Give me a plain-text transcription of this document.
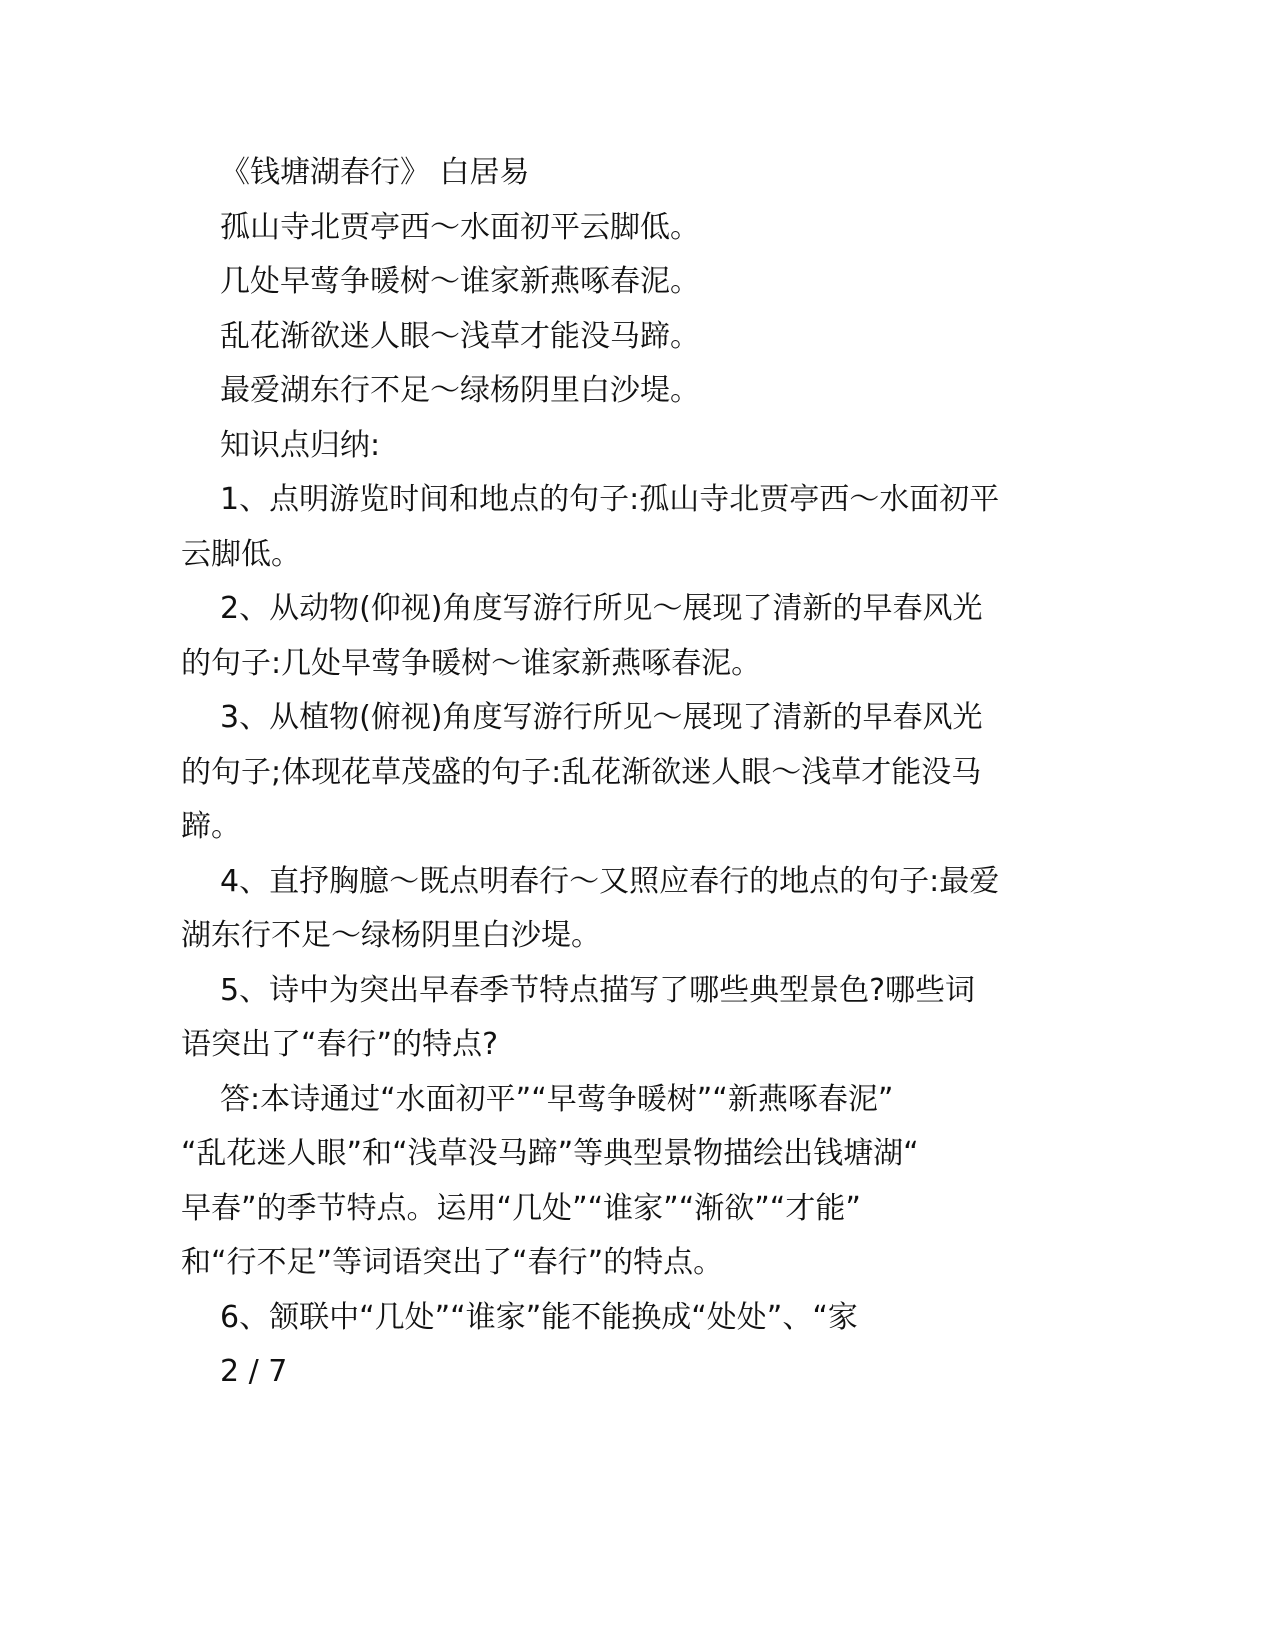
《钱塘湖春行》 白居易
孤山寺北贾亭西～水面初平云脚低。
几处早莺争暖树～谁家新燕啄春泥。
乱花渐欲迷人眼～浅草才能没马蹄。
最爱湖东行不足～绿杨阴里白沙堤。
知识点归纳:
1、点明游览时间和地点的句子:孤山寺北贾亭西～水面初平
云脚低。
2、从动物(仰视)角度写游行所见～展现了清新的早春风光
的句子:几处早莺争暖树～谁家新燕啄春泥。
3、从植物(俯视)角度写游行所见～展现了清新的早春风光
的句子;体现花草茂盛的句子:乱花渐欲迷人眼～浅草才能没马
蹄。
4、直抒胸臆～既点明春行～又照应春行的地点的句子:最爱
湖东行不足～绿杨阴里白沙堤。
5、诗中为突出早春季节特点描写了哪些典型景色?哪些词
语突出了“春行”的特点?
答:本诗通过“水面初平”“早莺争暖树”“新燕啄春泥”
“乱花迷人眼”和“浅草没马蹄”等典型景物描绘出钱塘湖“
早春”的季节特点。运用“几处”“谁家”“渐欲”“才能”
和“行不足”等词语突出了“春行”的特点。
6、颔联中“几处”“谁家”能不能换成“处处”、“家
2 / 7
